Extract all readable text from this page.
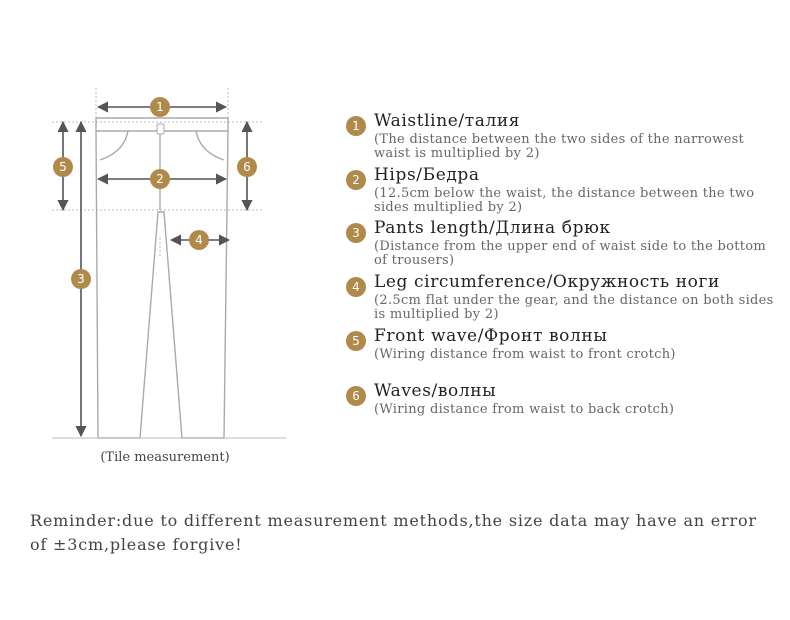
1
2
3
4
5	6
(Tile measurement)
1 Waistline/талия
(The distance between the two sides of the narrowest waist is multiplied by 2)
2 Hips/Бедра
(12.5cm below the waist, the distance between the two sides multiplied by 2)
3 Pants length/Длина брюк
(Distance from the upper end of waist side to the bottom of trousers)
4 Leg circumference/Окружность ноги
(2.5cm flat under the gear, and the distance on both sides is multiplied by 2)
5 Front wave/Фронт волны
(Wiring distance from waist to front crotch)
6 Waves/волны
(Wiring distance from waist to back crotch)
Reminder:due to different measurement methods,the size data may have an error of ±3cm,please forgive!
